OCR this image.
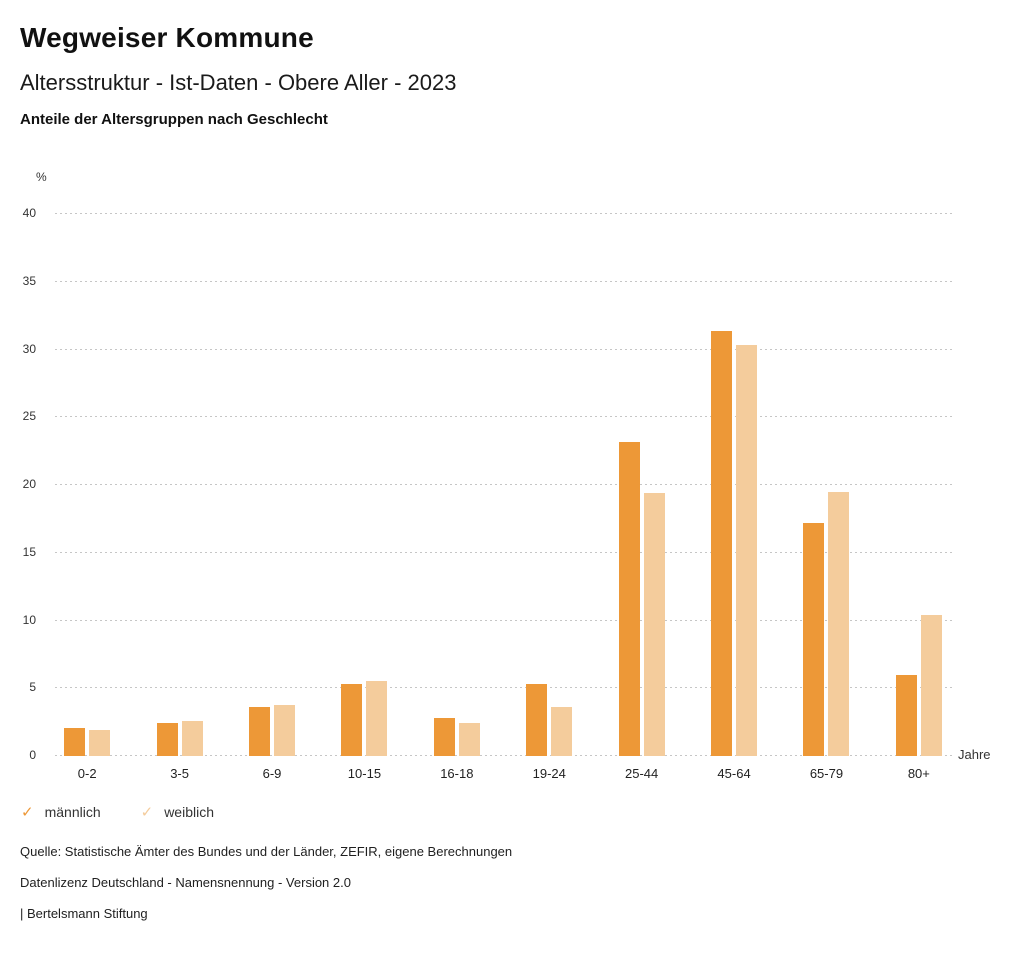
Wegweiser Kommune
Altersstruktur - Ist-Daten - Obere Aller - 2023
Anteile der Altersgruppen nach Geschlecht
%
0
5
10
15
20
25
30
35
40
0-2	3-5	6-9	10-15	16-18	19-24	25-44	45-64	65-79	80+
Jahre
✓ männlich	✓ weiblich

Quelle: Statistische Ämter des Bundes und der Länder, ZEFIR, eigene Berechnungen

Datenlizenz Deutschland - Namensnennung - Version 2.0

| Bertelsmann Stiftung
